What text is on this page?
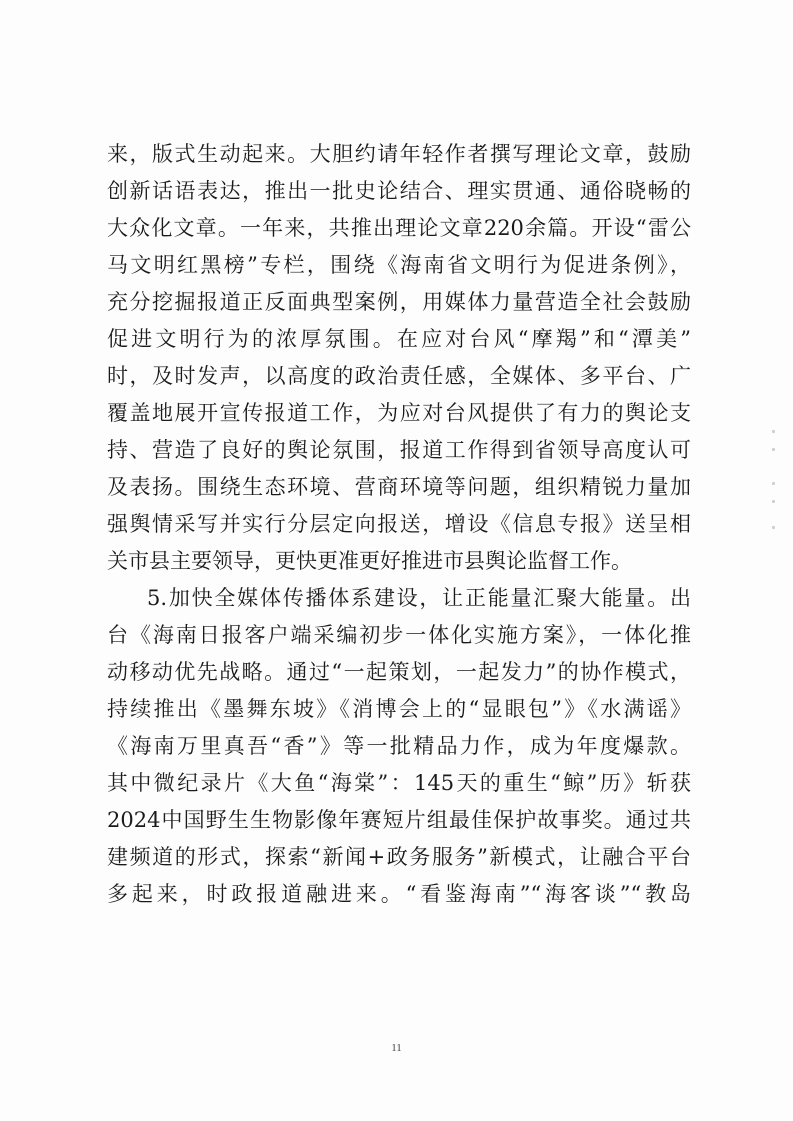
来，版式生动起来。大胆约请年轻作者撰写理论文章，鼓励
创新话语表达，推出一批史论结合、理实贯通、通俗晓畅的
大众化文章。一年来，共推出理论文章220余篇。开设“雷公
马文明红黑榜”专栏，围绕《海南省文明行为促进条例》，
充分挖掘报道正反面典型案例，用媒体力量营造全社会鼓励
促进文明行为的浓厚氛围。在应对台风“摩羯”和“潭美”
时，及时发声，以高度的政治责任感，全媒体、多平台、广
覆盖地展开宣传报道工作，为应对台风提供了有力的舆论支
持、营造了良好的舆论氛围，报道工作得到省领导高度认可
及表扬。围绕生态环境、营商环境等问题，组织精锐力量加
强舆情采写并实行分层定向报送，增设《信息专报》送呈相
关市县主要领导，更快更准更好推进市县舆论监督工作。
5.加快全媒体传播体系建设，让正能量汇聚大能量。出
台《海南日报客户端采编初步一体化实施方案》，一体化推
动移动优先战略。通过“一起策划，一起发力”的协作模式，
持续推出《墨舞东坡》《消博会上的“显眼包”》《水满谣》
《海南万里真吾“香”》等一批精品力作，成为年度爆款。
其中微纪录片《大鱼“海棠”：145天的重生“鲸”历》斩获
2024中国野生生物影像年赛短片组最佳保护故事奖。通过共
建频道的形式，探索“新闻+政务服务”新模式，让融合平台
多起来，时政报道融进来。“看鉴海南”“海客谈”“教岛
11
